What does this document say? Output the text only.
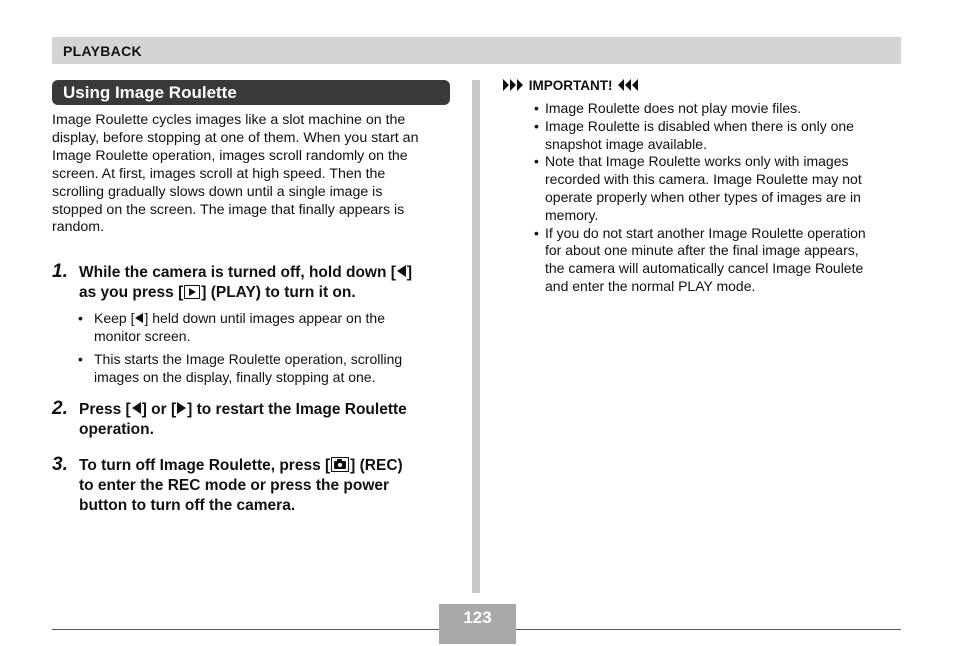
PLAYBACK
Using Image Roulette
Image Roulette cycles images like a slot machine on the
display, before stopping at one of them. When you start an
Image Roulette operation, images scroll randomly on the
screen. At first, images scroll at high speed. Then the
scrolling gradually slows down until a single image is
stopped on the screen. The image that finally appears is
random.
1. While the camera is turned off, hold down [ ]
as you press [ ] (PLAY) to turn it on.
• Keep [ ] held down until images appear on the
monitor screen.
• This starts the Image Roulette operation, scrolling
images on the display, finally stopping at one.
2. Press [ ] or [ ] to restart the Image Roulette
operation.
3. To turn off Image Roulette, press [ ] (REC)
to enter the REC mode or press the power
button to turn off the camera.
IMPORTANT!
• Image Roulette does not play movie files.
• Image Roulette is disabled when there is only one
snapshot image available.
• Note that Image Roulette works only with images
recorded with this camera. Image Roulette may not
operate properly when other types of images are in
memory.
• If you do not start another Image Roulette operation
for about one minute after the final image appears,
the camera will automatically cancel Image Roulete
and enter the normal PLAY mode.
123
